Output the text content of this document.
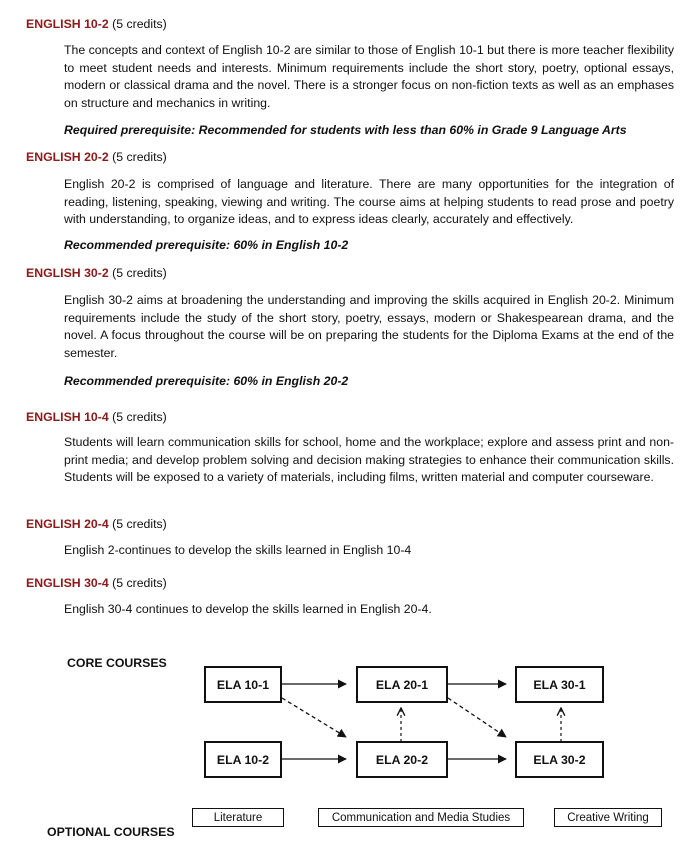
ENGLISH 10-2 (5 credits)

The concepts and context of English 10-2 are similar to those of English 10-1 but there is more teacher flexibility to meet student needs and interests. Minimum requirements include the short story, poetry, optional essays, modern or classical drama and the novel. There is a stronger focus on non-fiction texts as well as an emphases on structure and mechanics in writing.

Required prerequisite: Recommended for students with less than 60% in Grade 9 Language Arts

ENGLISH 20-2 (5 credits)

English 20-2 is comprised of language and literature. There are many opportunities for the integration of reading, listening, speaking, viewing and writing. The course aims at helping students to read prose and poetry with understanding, to organize ideas, and to express ideas clearly, accurately and effectively.

Recommended prerequisite: 60% in English 10-2

ENGLISH 30-2 (5 credits)

English 30-2 aims at broadening the understanding and improving the skills acquired in English 20-2. Minimum requirements include the study of the short story, poetry, essays, modern or Shakespearean drama, and the novel. A focus throughout the course will be on preparing the students for the Diploma Exams at the end of the semester.

Recommended prerequisite: 60% in English 20-2

ENGLISH 10-4 (5 credits)

Students will learn communication skills for school, home and the workplace; explore and assess print and non-print media; and develop problem solving and decision making strategies to enhance their communication skills. Students will be exposed to a variety of materials, including films, written material and computer courseware.

ENGLISH 20-4 (5 credits)

English 2-continues to develop the skills learned in English 10-4

ENGLISH 30-4 (5 credits)

English 30-4 continues to develop the skills learned in English 20-4.

CORE COURSES
ELA 10-1	ELA 20-1	ELA 30-1
ELA 10-2	ELA 20-2	ELA 30-2
Literature	Communication and Media Studies	Creative Writing
OPTIONAL COURSES
